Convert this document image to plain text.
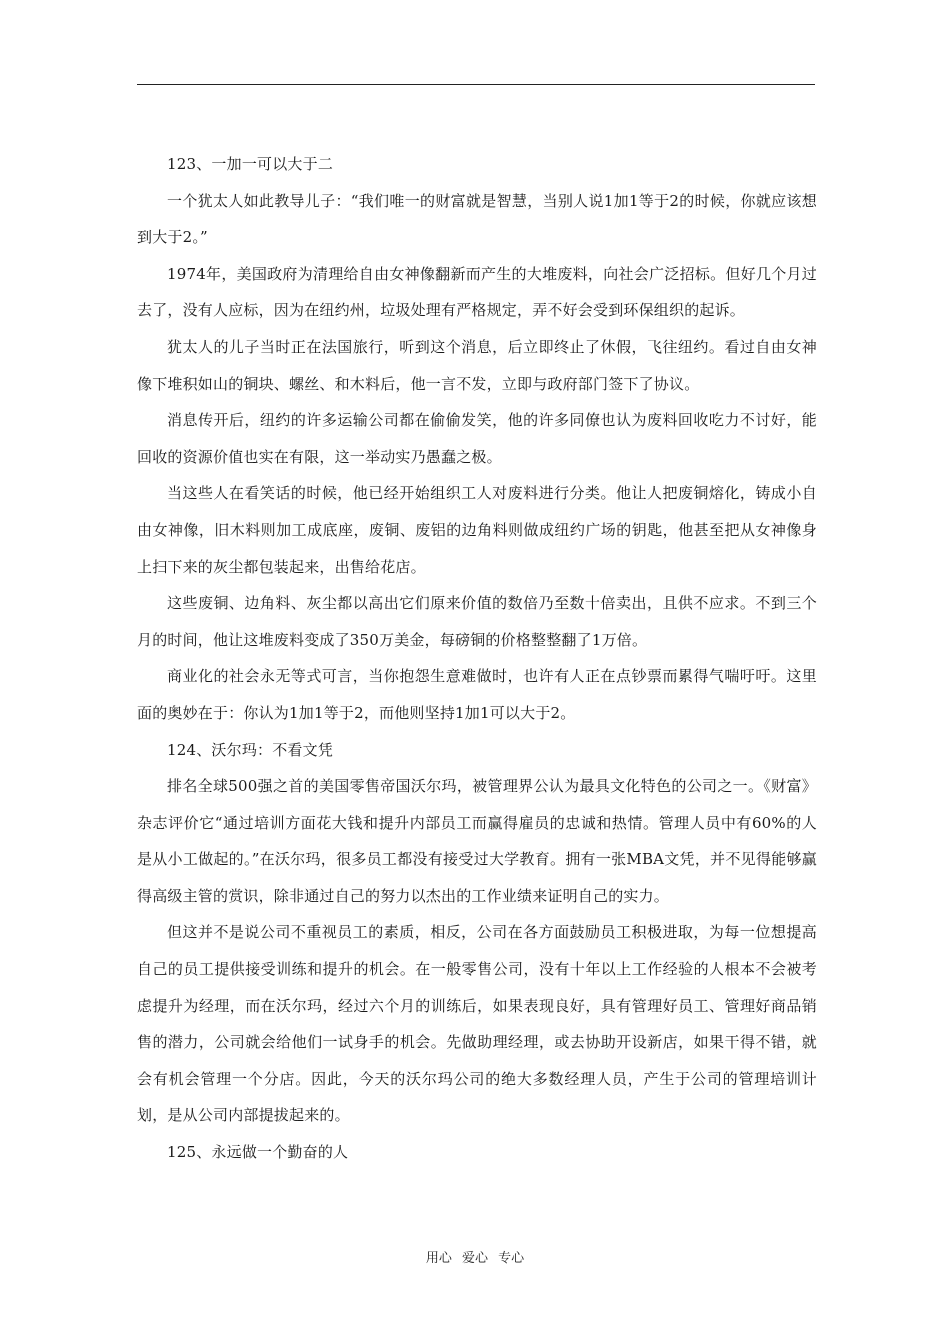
123、一加一可以大于二

一个犹太人如此教导儿子：“我们唯一的财富就是智慧，当别人说1加1等于2的时候，你就应该想到大于2。”

1974年，美国政府为清理给自由女神像翻新而产生的大堆废料，向社会广泛招标。但好几个月过去了，没有人应标，因为在纽约州，垃圾处理有严格规定，弄不好会受到环保组织的起诉。

犹太人的儿子当时正在法国旅行，听到这个消息，后立即终止了休假，飞往纽约。看过自由女神像下堆积如山的铜块、螺丝、和木料后，他一言不发，立即与政府部门签下了协议。

消息传开后，纽约的许多运输公司都在偷偷发笑，他的许多同僚也认为废料回收吃力不讨好，能回收的资源价值也实在有限，这一举动实乃愚蠢之极。

当这些人在看笑话的时候，他已经开始组织工人对废料进行分类。他让人把废铜熔化，铸成小自由女神像，旧木料则加工成底座，废铜、废铝的边角料则做成纽约广场的钥匙，他甚至把从女神像身上扫下来的灰尘都包装起来，出售给花店。

这些废铜、边角料、灰尘都以高出它们原来价值的数倍乃至数十倍卖出，且供不应求。不到三个月的时间，他让这堆废料变成了350万美金，每磅铜的价格整整翻了1万倍。

商业化的社会永无等式可言，当你抱怨生意难做时，也许有人正在点钞票而累得气喘吁吁。这里面的奥妙在于：你认为1加1等于2，而他则坚持1加1可以大于2。

124、沃尔玛：不看文凭

排名全球500强之首的美国零售帝国沃尔玛，被管理界公认为最具文化特色的公司之一。《财富》杂志评价它“通过培训方面花大钱和提升内部员工而赢得雇员的忠诚和热情。管理人员中有60%的人是从小工做起的。”在沃尔玛，很多员工都没有接受过大学教育。拥有一张MBA文凭，并不见得能够赢得高级主管的赏识，除非通过自己的努力以杰出的工作业绩来证明自己的实力。

但这并不是说公司不重视员工的素质，相反，公司在各方面鼓励员工积极进取，为每一位想提高自己的员工提供接受训练和提升的机会。在一般零售公司，没有十年以上工作经验的人根本不会被考虑提升为经理，而在沃尔玛，经过六个月的训练后，如果表现良好，具有管理好员工、管理好商品销售的潜力，公司就会给他们一试身手的机会。先做助理经理，或去协助开设新店，如果干得不错，就会有机会管理一个分店。因此，今天的沃尔玛公司的绝大多数经理人员，产生于公司的管理培训计划，是从公司内部提拔起来的。

125、永远做一个勤奋的人

用心 爱心 专心
